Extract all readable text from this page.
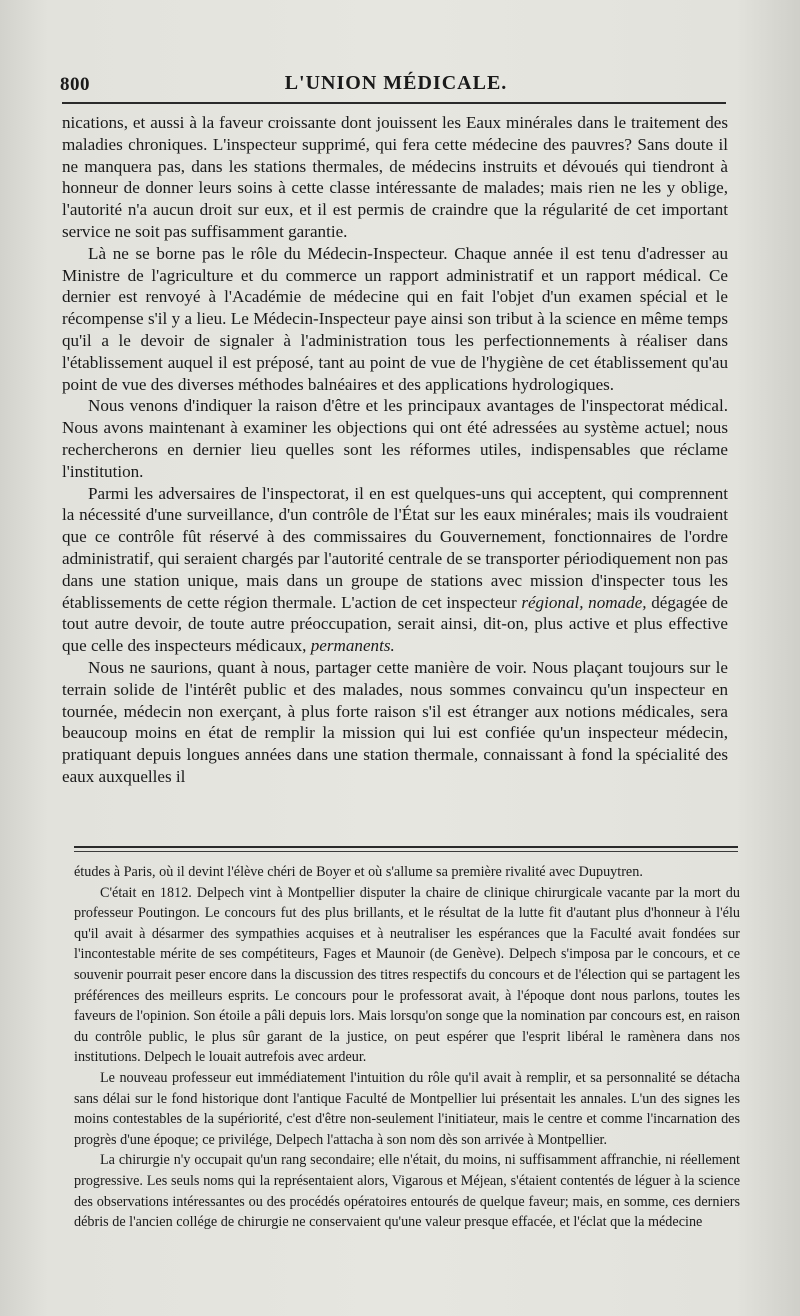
800	L'UNION MÉDICALE.

nications, et aussi à la faveur croissante dont jouissent les Eaux minérales dans le traitement des maladies chroniques. L'inspecteur supprimé, qui fera cette médecine des pauvres? Sans doute il ne manquera pas, dans les stations thermales, de médecins instruits et dévoués qui tiendront à honneur de donner leurs soins à cette classe intéressante de malades; mais rien ne les y oblige, l'autorité n'a aucun droit sur eux, et il est permis de craindre que la régularité de cet important service ne soit pas suffisamment garantie.

Là ne se borne pas le rôle du Médecin-Inspecteur. Chaque année il est tenu d'adresser au Ministre de l'agriculture et du commerce un rapport administratif et un rapport médical. Ce dernier est renvoyé à l'Académie de médecine qui en fait l'objet d'un examen spécial et le récompense s'il y a lieu. Le Médecin-Inspecteur paye ainsi son tribut à la science en même temps qu'il a le devoir de signaler à l'administration tous les perfectionnements à réaliser dans l'établissement auquel il est préposé, tant au point de vue de l'hygiène de cet établissement qu'au point de vue des diverses méthodes balnéaires et des applications hydrologiques.

Nous venons d'indiquer la raison d'être et les principaux avantages de l'inspectorat médical. Nous avons maintenant à examiner les objections qui ont été adressées au système actuel; nous rechercherons en dernier lieu quelles sont les réformes utiles, indispensables que réclame l'institution.

Parmi les adversaires de l'inspectorat, il en est quelques-uns qui acceptent, qui comprennent la nécessité d'une surveillance, d'un contrôle de l'État sur les eaux minérales; mais ils voudraient que ce contrôle fût réservé à des commissaires du Gouvernement, fonctionnaires de l'ordre administratif, qui seraient chargés par l'autorité centrale de se transporter périodiquement non pas dans une station unique, mais dans un groupe de stations avec mission d'inspecter tous les établissements de cette région thermale. L'action de cet inspecteur régional, nomade, dégagée de tout autre devoir, de toute autre préoccupation, serait ainsi, dit-on, plus active et plus effective que celle des inspecteurs médicaux, permanents.

Nous ne saurions, quant à nous, partager cette manière de voir. Nous plaçant toujours sur le terrain solide de l'intérêt public et des malades, nous sommes convaincu qu'un inspecteur en tournée, médecin non exerçant, à plus forte raison s'il est étranger aux notions médicales, sera beaucoup moins en état de remplir la mission qui lui est confiée qu'un inspecteur médecin, pratiquant depuis longues années dans une station thermale, connaissant à fond la spécialité des eaux auxquelles il

études à Paris, où il devint l'élève chéri de Boyer et où s'allume sa première rivalité avec Dupuytren.

C'était en 1812. Delpech vint à Montpellier disputer la chaire de clinique chirurgicale vacante par la mort du professeur Poutingon. Le concours fut des plus brillants, et le résultat de la lutte fit d'autant plus d'honneur à l'élu qu'il avait à désarmer des sympathies acquises et à neutraliser les espérances que la Faculté avait fondées sur l'incontestable mérite de ses compétiteurs, Fages et Maunoir (de Genève). Delpech s'imposa par le concours, et ce souvenir pourrait peser encore dans la discussion des titres respectifs du concours et de l'élection qui se partagent les préférences des meilleurs esprits. Le concours pour le professorat avait, à l'époque dont nous parlons, toutes les faveurs de l'opinion. Son étoile a pâli depuis lors. Mais lorsqu'on songe que la nomination par concours est, en raison du contrôle public, le plus sûr garant de la justice, on peut espérer que l'esprit libéral le ramènera dans nos institutions. Delpech le louait autrefois avec ardeur.

Le nouveau professeur eut immédiatement l'intuition du rôle qu'il avait à remplir, et sa personnalité se détacha sans délai sur le fond historique dont l'antique Faculté de Montpellier lui présentait les annales. L'un des signes les moins contestables de la supériorité, c'est d'être non-seulement l'initiateur, mais le centre et comme l'incarnation des progrès d'une époque; ce privilége, Delpech l'attacha à son nom dès son arrivée à Montpellier.

La chirurgie n'y occupait qu'un rang secondaire; elle n'était, du moins, ni suffisamment affranchie, ni réellement progressive. Les seuls noms qui la représentaient alors, Vigarous et Méjean, s'étaient contentés de léguer à la science des observations intéressantes ou des procédés opératoires entourés de quelque faveur; mais, en somme, ces derniers débris de l'ancien collége de chirurgie ne conservaient qu'une valeur presque effacée, et l'éclat que la médecine
